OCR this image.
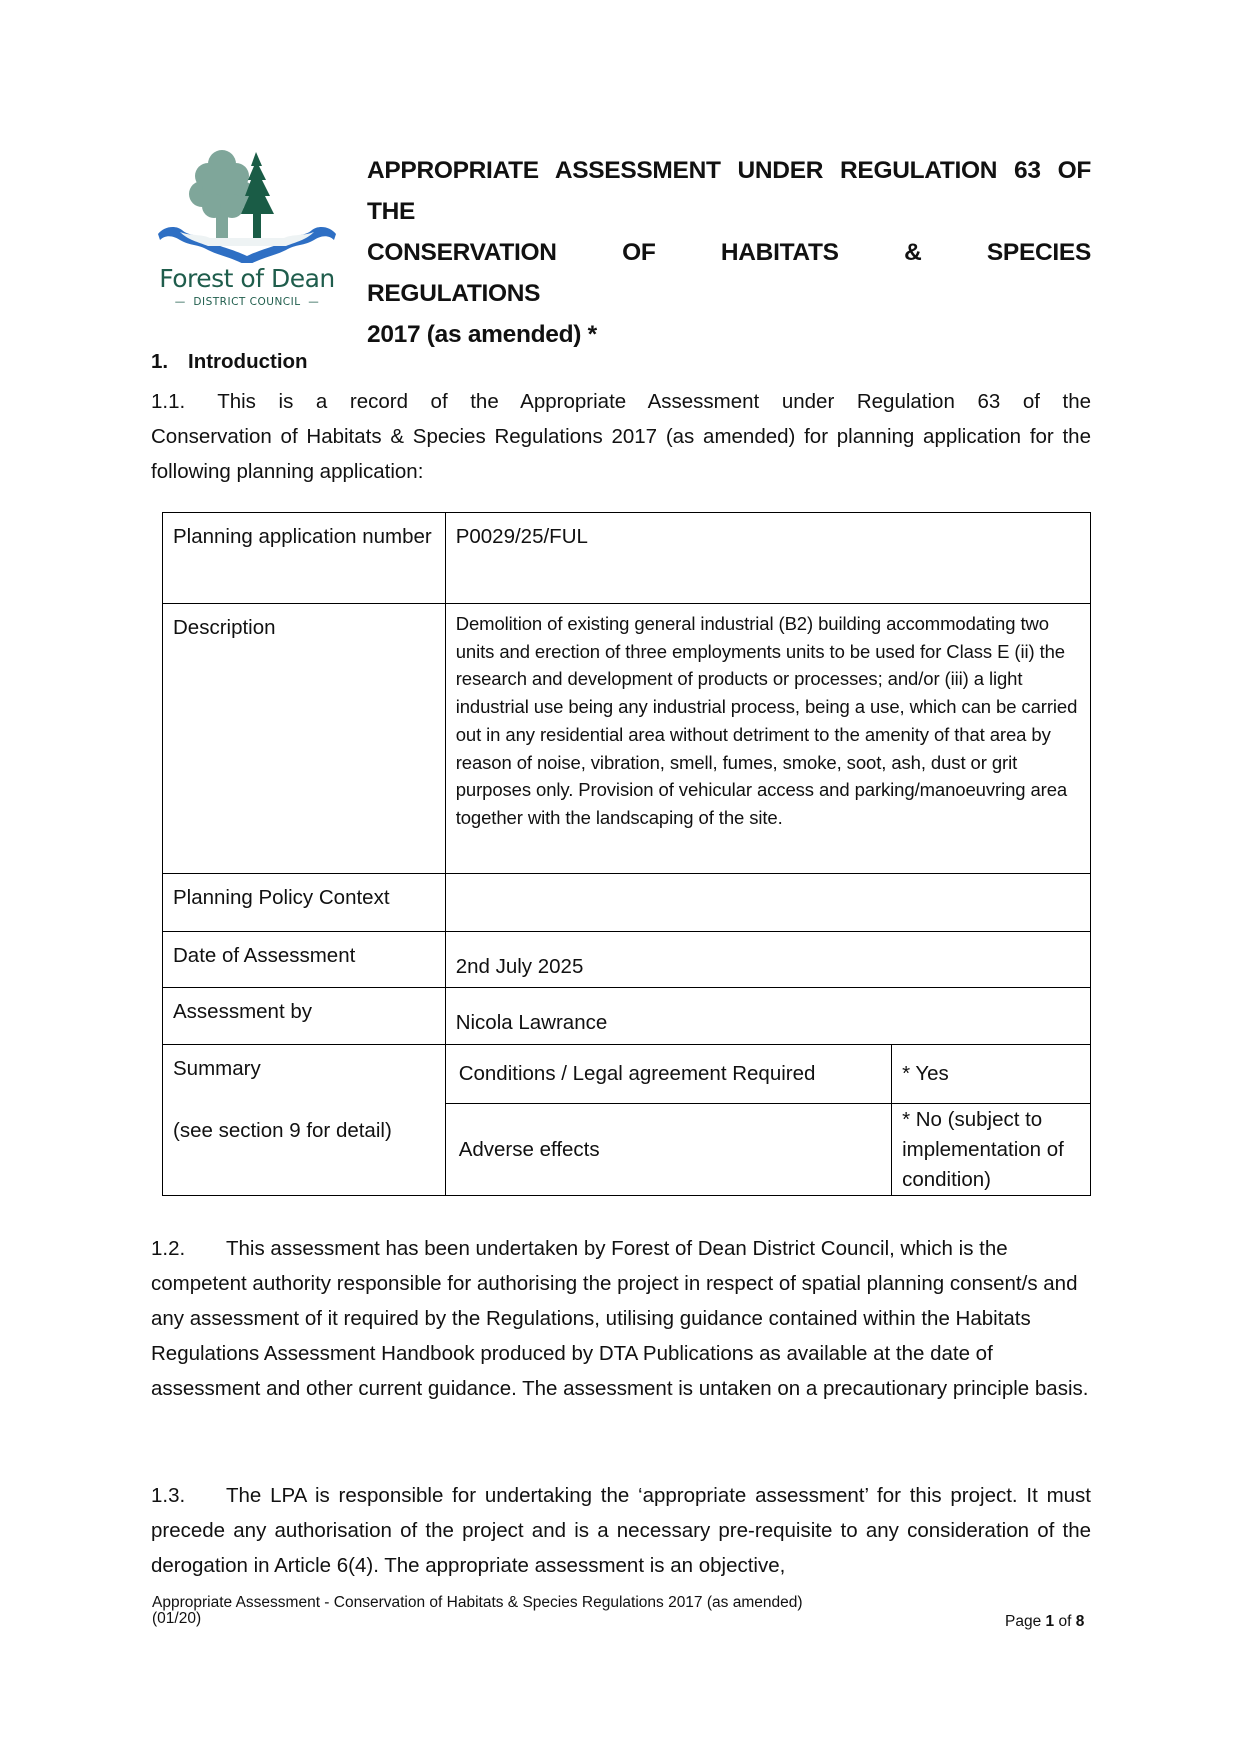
Forest of Dean
—  DISTRICT COUNCIL  —
APPROPRIATE ASSESSMENT UNDER REGULATION 63 OF THE
CONSERVATION OF HABITATS & SPECIES REGULATIONS
2017 (as amended) *
1. Introduction
1.1. This is a record of the Appropriate Assessment under Regulation 63 of the
Conservation of Habitats & Species Regulations 2017 (as amended) for planning application for the following planning application:
Planning application number	P0029/25/FUL	
Description	Demolition of existing general industrial (B2) building accommodating two units and erection of three employments units to be used for Class E (ii) the research and development of products or processes; and/or (iii) a light industrial use being any industrial process, being a use, which can be carried out in any residential area without detriment to the amenity of that area by reason of noise, vibration, smell, fumes, smoke, soot, ash, dust or grit purposes only. Provision of vehicular access and parking/manoeuvring area together with the landscaping of the site.	
Planning Policy Context		
Date of Assessment	2nd July 2025	
Assessment by	Nicola Lawrance	

Summary
(see section 9 for detail)	Conditions / Legal agreement Required	* Yes
	Adverse effects	* No (subject to implementation of condition)
1.2. This assessment has been undertaken by Forest of Dean District Council, which is the competent authority responsible for authorising the project in respect of spatial planning consent/s and any assessment of it required by the Regulations, utilising guidance contained within the Habitats Regulations Assessment Handbook produced by DTA Publications as available at the date of assessment and other current guidance. The assessment is untaken on a precautionary principle basis.
1.3. The LPA is responsible for undertaking the ‘appropriate assessment’ for this project. It must precede any authorisation of the project and is a necessary pre-requisite to any consideration of the derogation in Article 6(4). The appropriate assessment is an objective,
Appropriate Assessment - Conservation of Habitats & Species Regulations 2017 (as amended)
(01/20)	Page 1 of 8
